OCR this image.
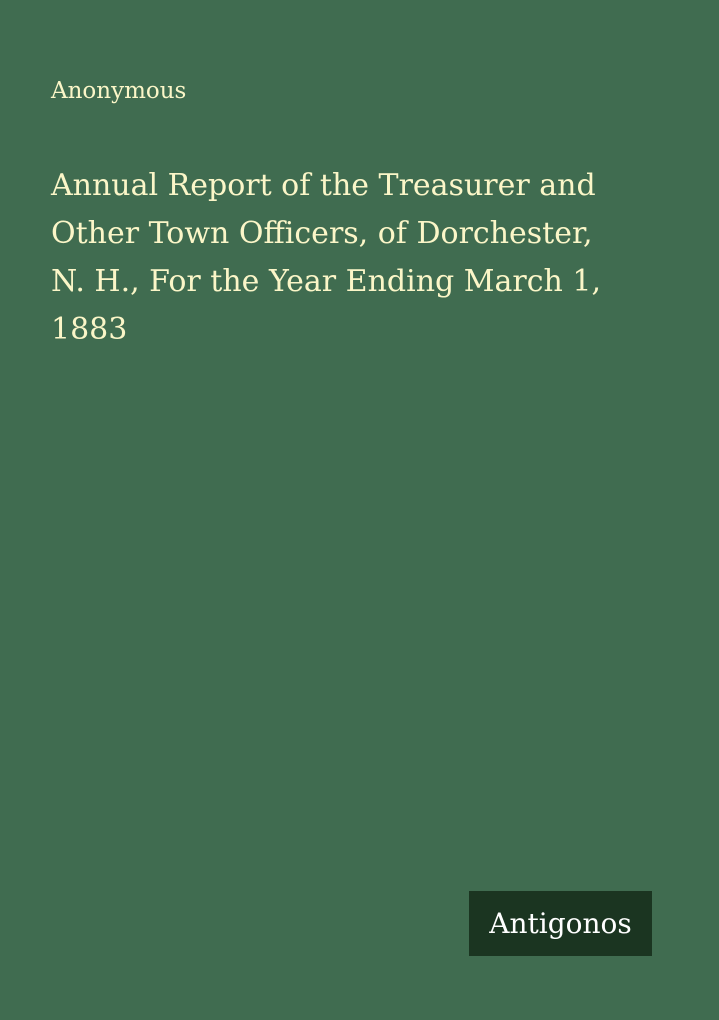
Anonymous
Annual Report of the Treasurer and
Other Town Officers, of Dorchester,
N. H., For the Year Ending March 1,
1883
Antigonos
